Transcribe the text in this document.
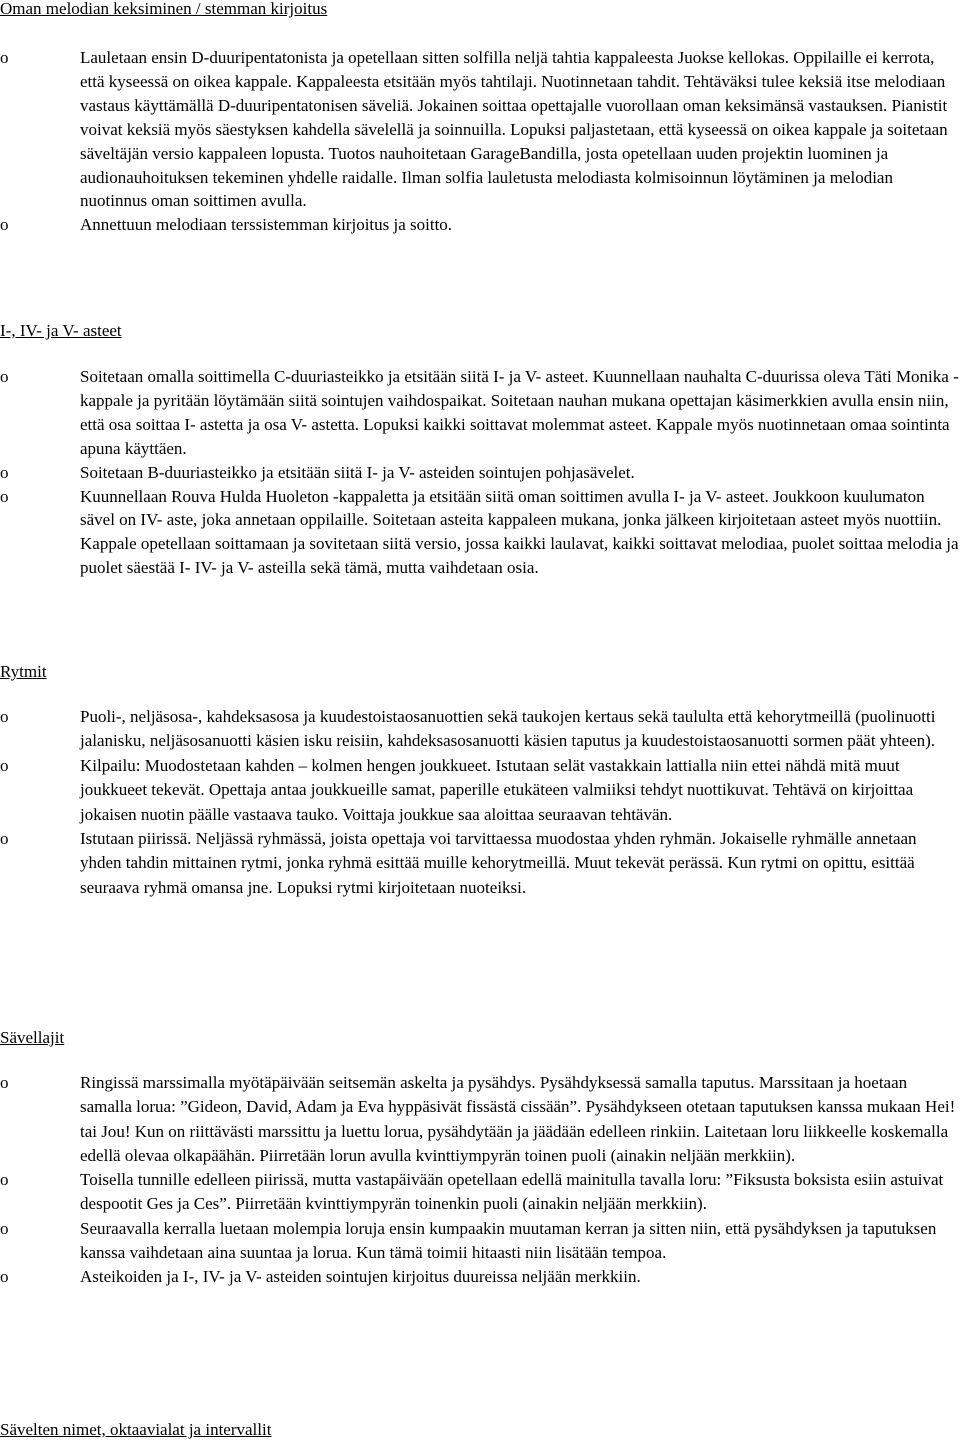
Oman melodian keksiminen / stemman kirjoitus
o	Lauletaan ensin D-duuripentatonista ja opetellaan sitten solfilla neljä tahtia kappaleesta Juokse kellokas. Oppilaille ei kerrota, että kyseessä on oikea kappale. Kappaleesta etsitään myös tahtilaji. Nuotinnetaan tahdit. Tehtäväksi tulee keksiä itse melodiaan vastaus käyttämällä D-duuripentatonisen säveliä. Jokainen soittaa opettajalle vuorollaan oman keksimänsä vastauksen. Pianistit voivat keksiä myös säestyksen kahdella sävelellä ja soinnuilla. Lopuksi paljastetaan, että kyseessä on oikea kappale ja soitetaan säveltäjän versio kappaleen lopusta. Tuotos nauhoitetaan GarageBandilla, josta opetellaan uuden projektin luominen ja audionauhoituksen tekeminen yhdelle raidalle. Ilman solfia lauletusta melodiasta kolmisoinnun löytäminen ja melodian nuotinnus oman soittimen avulla.
o	Annettuun melodiaan terssistemman kirjoitus ja soitto.
I-, IV- ja V- asteet
o	Soitetaan omalla soittimella C-duuriasteikko ja etsitään siitä I- ja V- asteet. Kuunnellaan nauhalta C-duurissa oleva Täti Monika -kappale ja pyritään löytämään siitä sointujen vaihdospaikat. Soitetaan nauhan mukana opettajan käsimerkkien avulla ensin niin, että osa soittaa I- astetta ja osa V- astetta. Lopuksi kaikki soittavat molemmat asteet. Kappale myös nuotinnetaan omaa sointinta apuna käyttäen.
o	Soitetaan B-duuriasteikko ja etsitään siitä I- ja V- asteiden sointujen pohjasävelet.
o	Kuunnellaan Rouva Hulda Huoleton -kappaletta ja etsitään siitä oman soittimen avulla I- ja V- asteet. Joukkoon kuulumaton sävel on IV- aste, joka annetaan oppilaille. Soitetaan asteita kappaleen mukana, jonka jälkeen kirjoitetaan asteet myös nuottiin. Kappale opetellaan soittamaan ja sovitetaan siitä versio, jossa kaikki laulavat, kaikki soittavat melodiaa, puolet soittaa melodia ja puolet säestää I- IV- ja V- asteilla sekä tämä, mutta vaihdetaan osia.
Rytmit
o	Puoli-, neljäsosa-, kahdeksasosa ja kuudestoistaosanuottien sekä taukojen kertaus sekä taululta että kehorytmeillä (puolinuotti jalanisku, neljäsosanuotti käsien isku reisiin, kahdeksasosanuotti käsien taputus ja kuudestoistaosanuotti sormen päät yhteen).
o	Kilpailu: Muodostetaan kahden – kolmen hengen joukkueet. Istutaan selät vastakkain lattialla niin ettei nähdä mitä muut joukkueet tekevät. Opettaja antaa joukkueille samat, paperille etukäteen valmiiksi tehdyt nuottikuvat. Tehtävä on kirjoittaa jokaisen nuotin päälle vastaava tauko. Voittaja joukkue saa aloittaa seuraavan tehtävän.
o	Istutaan piirissä. Neljässä ryhmässä, joista opettaja voi tarvittaessa muodostaa yhden ryhmän. Jokaiselle ryhmälle annetaan yhden tahdin mittainen rytmi, jonka ryhmä esittää muille kehorytmeillä. Muut tekevät perässä. Kun rytmi on opittu, esittää seuraava ryhmä omansa jne. Lopuksi rytmi kirjoitetaan nuoteiksi.
Sävellajit
o	Ringissä marssimalla myötäpäivään seitsemän askelta ja pysähdys. Pysähdyksessä samalla taputus. Marssitaan ja hoetaan samalla lorua: ”Gideon, David, Adam ja Eva hyppäsivät fissästä cissään”. Pysähdykseen otetaan taputuksen kanssa mukaan Hei! tai Jou! Kun on riittävästi marssittu ja luettu lorua, pysähdytään ja jäädään edelleen rinkiin. Laitetaan loru liikkeelle koskemalla edellä olevaa olkapäähän. Piirretään lorun avulla kvinttiympyrän toinen puoli (ainakin neljään merkkiin).
o	Toisella tunnille edelleen piirissä, mutta vastapäivään opetellaan edellä mainitulla tavalla loru: ”Fiksusta boksista esiin astuivat despootit Ges ja Ces”. Piirretään kvinttiympyrän toinenkin puoli (ainakin neljään merkkiin).
o	Seuraavalla kerralla luetaan molempia loruja ensin kumpaakin muutaman kerran ja sitten niin, että pysähdyksen ja taputuksen kanssa vaihdetaan aina suuntaa ja lorua. Kun tämä toimii hitaasti niin lisätään tempoa.
o	Asteikoiden ja I-, IV- ja V- asteiden sointujen kirjoitus duureissa neljään merkkiin.
Sävelten nimet, oktaavialat ja intervallit
